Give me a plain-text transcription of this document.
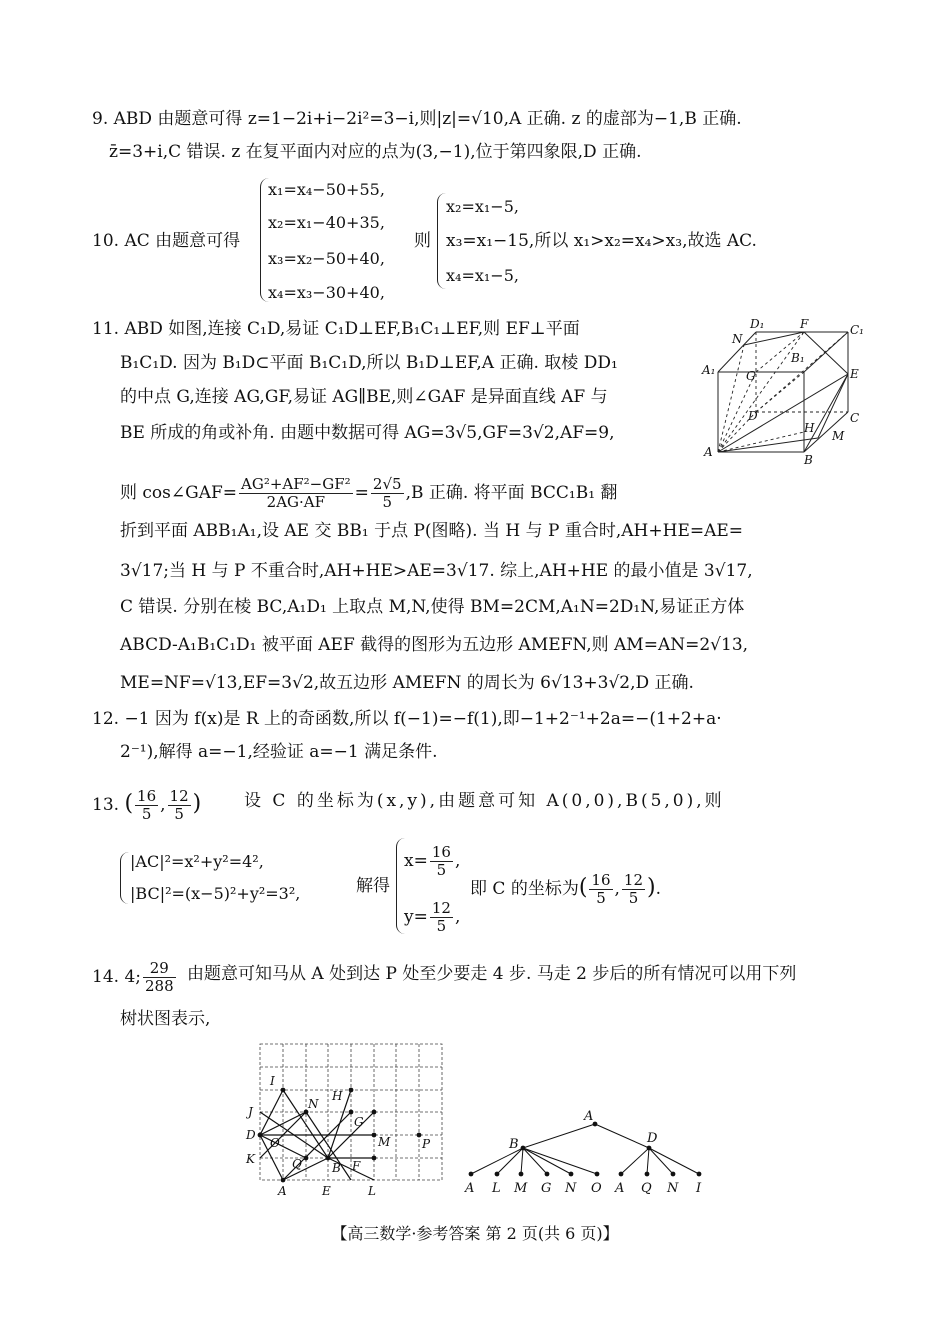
9. ABD 由题意可得 z=1−2i+i−2i²=3−i,则|z|=√10,A 正确. z 的虚部为−1,B 正确.
z̄=3+i,C 错误. z 在复平面内对应的点为(3,−1),位于第四象限,D 正确.
10. AC 由题意可得
x₁=x₄−50+55,
x₂=x₁−40+35,
x₃=x₂−50+40,
x₄=x₃−30+40,
则
x₂=x₁−5,
x₃=x₁−15,所以 x₁>x₂=x₄>x₃,故选 AC.
x₄=x₁−5,
11. ABD 如图,连接 C₁D,易证 C₁D⊥EF,B₁C₁⊥EF,则 EF⊥平面
B₁C₁D. 因为 B₁D⊂平面 B₁C₁D,所以 B₁D⊥EF,A 正确. 取棱 DD₁
的中点 G,连接 AG,GF,易证 AG∥BE,则∠GAF 是异面直线 AF 与
BE 所成的角或补角. 由题中数据可得 AG=3√5,GF=3√2,AF=9,
则 cos∠GAF= $\frac{\text{AG²+AF²−GF²}}{2AG\cdot AF} = \frac{2√5}{5} ,B$ 正确. 将平面 BCC₁B₁ 翻
折到平面 ABB₁A₁,设 AE 交 BB₁ 于点 P(图略). 当 H 与 P 重合时,AH+HE=AE=
3√17;当 H 与 P 不重合时,AH+HE>AE=3√17. 综上,AH+HE 的最小值是 3√17,
C 错误. 分别在棱 BC,A₁D₁ 上取点 M,N,使得 BM=2CM,A₁N=2D₁N,易证正方体
ABCD-A₁B₁C₁D₁ 被平面 AEF 截得的图形为五边形 AMEFN,则 AM=AN=2√13,
ME=NF=√13,EF=3√2,故五边形 AMEFN 的周长为 6√13+3√2,D 正确.
D₁	F	C₁
N
B₁
A₁	G	E
D	C
H
M
A
B
12. −1 因为 f(x)是 R 上的奇函数,所以 f(−1)=−f(1),即−1+2⁻¹+2a=−(1+2+a·
2⁻¹),解得 a=−1,经验证 a=−1 满足条件.
13. ( $\frac{16}{5}$ , $\frac{12}{5}$ )	设 C 的坐标为(x,y),由题意可知 A(0,0),B(5,0),则
|AC|²=x²+y²=4²,
|BC|²=(x−5)²+y²=3²,	解得
$x= \frac{16}{5}$ ,
$y= \frac{12}{5}$ ,
即 C 的坐标为( $\frac{16}{5}$ , $\frac{12}{5}$ ).
14. 4; $\frac{29}{288}$ 由题意可知马从 A 处到达 P 处至少要走 4 步. 马走 2 步后的所有情况可以用下列
树状图表示,
I
H
N
J
G
D
O	M	P
K	Q	B F
A	E	L
A
B	D
A L M G N O A Q N I
【高三数学·参考答案 第 2 页(共 6 页)】
